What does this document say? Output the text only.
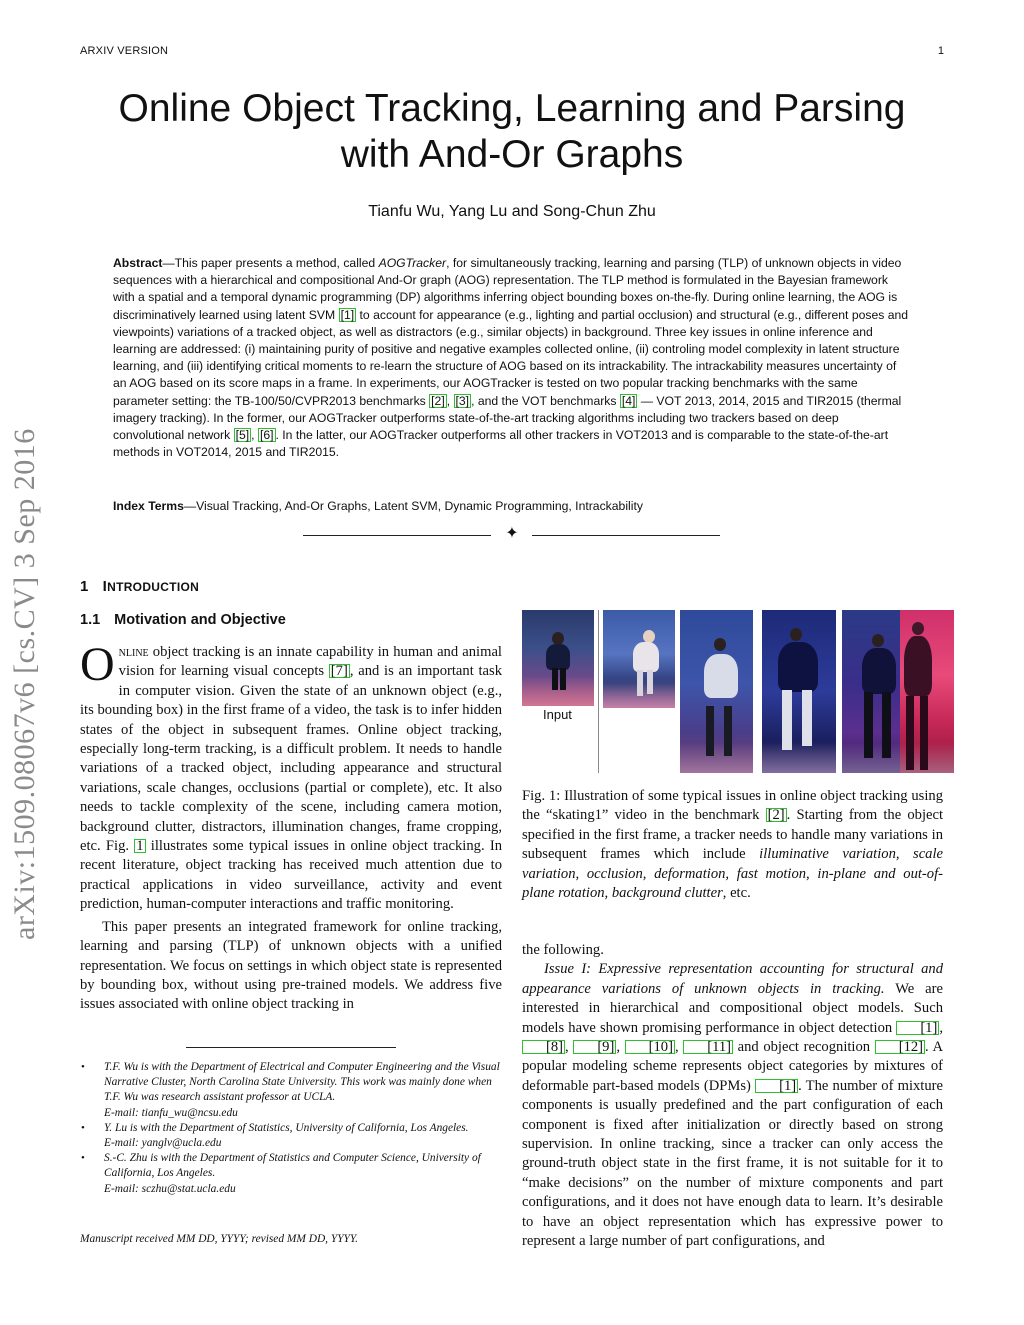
ARXIV VERSION	1
Online Object Tracking, Learning and Parsing
with And-Or Graphs
Tianfu Wu, Yang Lu and Song-Chun Zhu

Abstract—This paper presents a method, called AOGTracker, for simultaneously tracking, learning and parsing (TLP) of unknown objects in video sequences with a hierarchical and compositional And-Or graph (AOG) representation. The TLP method is formulated in the Bayesian framework with a spatial and a temporal dynamic programming (DP) algorithms inferring object bounding boxes on-the-fly. During online learning, the AOG is discriminatively learned using latent SVM [1] to account for appearance (e.g., lighting and partial occlusion) and structural (e.g., different poses and viewpoints) variations of a tracked object, as well as distractors (e.g., similar objects) in background. Three key issues in online inference and learning are addressed: (i) maintaining purity of positive and negative examples collected online, (ii) controling model complexity in latent structure learning, and (iii) identifying critical moments to re-learn the structure of AOG based on its intrackability. The intrackability measures uncertainty of an AOG based on its score maps in a frame. In experiments, our AOGTracker is tested on two popular tracking benchmarks with the same parameter setting: the TB-100/50/CVPR2013 benchmarks [2] , [3] , and the VOT benchmarks [4] — VOT 2013, 2014, 2015 and TIR2015 (thermal imagery tracking). In the former, our AOGTracker outperforms state-of-the-art tracking algorithms including two trackers based on deep convolutional network [5] , [6] . In the latter, our AOGTracker outperforms all other trackers in VOT2013 and is comparable to the state-of-the-art methods in VOT2014, 2015 and TIR2015.

Index Terms—Visual Tracking, And-Or Graphs, Latent SVM, Dynamic Programming, Intrackability
✦
1 INTRODUCTION
1.1 Motivation and Objective

Online object tracking is an innate capability in human and animal vision for learning visual concepts [7] , and is an important task in computer vision. Given the state of an unknown object (e.g., its bounding box) in the first frame of a video, the task is to infer hidden states of the object in subsequent frames. Online object tracking, especially long-term tracking, is a difficult problem. It needs to handle variations of a tracked object, including appearance and structural variations, scale changes, occlusions (partial or complete), etc. It also needs to tackle complexity of the scene, including camera motion, background clutter, distractors, illumination changes, frame cropping, etc. Fig. 1 illustrates some typical issues in online object tracking. In recent literature, object tracking has received much attention due to practical applications in video surveillance, activity and event prediction, human-computer interactions and traffic monitoring.

This paper presents an integrated framework for online tracking, learning and parsing (TLP) of unknown objects with a unified representation. We focus on settings in which object state is represented by bounding box, without using pre-trained models. We address five issues associated with online object tracking in

• T.F. Wu is with the Department of Electrical and Computer Engineering and the Visual Narrative Cluster, North Carolina State University. This work was mainly done when T.F. Wu was research assistant professor at UCLA.

E-mail: tianfu_wu@ncsu.edu

• Y. Lu is with the Department of Statistics, University of California, Los Angeles.

E-mail: yanglv@ucla.edu

• S.-C. Zhu is with the Department of Statistics and Computer Science, University of California, Los Angeles.

E-mail: sczhu@stat.ucla.edu

Manuscript received MM DD, YYYY; revised MM DD, YYYY.
Input

Fig. 1: Illustration of some typical issues in online object tracking using the “skating1” video in the benchmark [2] . Starting from the object specified in the first frame, a tracker needs to handle many variations in subsequent frames which include illuminative variation, scale variation, occlusion, deformation, fast motion, in-plane and out-of-plane rotation, background clutter, etc.

the following.

Issue I: Expressive representation accounting for structural and appearance variations of unknown objects in tracking. We are interested in hierarchical and compositional object models. Such models have shown promising performance in object detection [1] , [8] , [9] , [10] , [11] and object recognition [12] . A popular modeling scheme represents object categories by mixtures of deformable part-based models (DPMs) [1] . The number of mixture components is usually predefined and the part configuration of each component is fixed after initialization or directly based on strong supervision. In online tracking, since a tracker can only access the ground-truth object state in the first frame, it is not suitable for it to “make decisions” on the number of mixture components and part configurations, and it does not have enough data to learn. It’s desirable to have an object representation which has expressive power to represent a large number of part configurations, and

arXiv:1509.08067v6 [cs.CV] 3 Sep 2016
